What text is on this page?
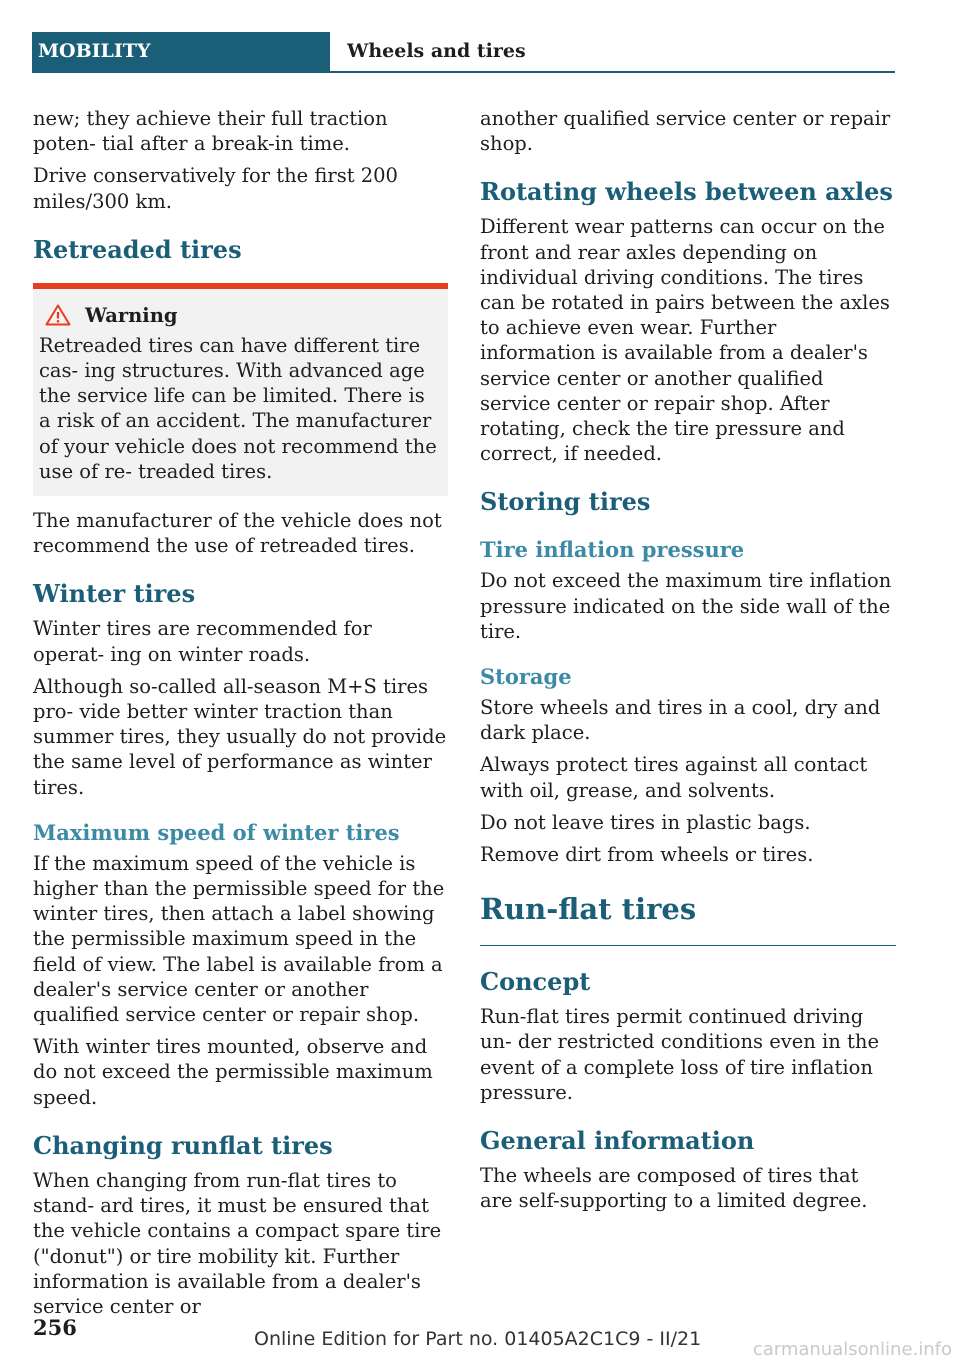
MOBILITY	Wheels and tires

new; they achieve their full traction poten‐ tial after a break-in time.

Drive conservatively for the first 200 miles/300 km.

Retreaded tires
Warning

Retreaded tires can have different tire cas‐ ing structures. With advanced age the service life can be limited. There is a risk of an accident. The manufacturer of your vehicle does not recommend the use of re‐ treaded tires.

The manufacturer of the vehicle does not recommend the use of retreaded tires.

Winter tires

Winter tires are recommended for operat‐ ing on winter roads.

Although so-called all-season M+S tires pro‐ vide better winter traction than summer tires, they usually do not provide the same level of performance as winter tires.

Maximum speed of winter tires

If the maximum speed of the vehicle is higher than the permissible speed for the winter tires, then attach a label showing the permissible maximum speed in the field of view. The label is available from a dealer's service center or another qualified service center or repair shop.

With winter tires mounted, observe and do not exceed the permissible maximum speed.

Changing runflat tires

When changing from run-flat tires to stand‐ ard tires, it must be ensured that the vehicle contains a compact spare tire ("donut") or tire mobility kit. Further information is available from a dealer's service center or

another qualified service center or repair shop.

Rotating wheels between axles

Different wear patterns can occur on the front and rear axles depending on individual driving conditions. The tires can be rotated in pairs between the axles to achieve even wear. Further information is available from a dealer's service center or another qualified service center or repair shop. After rotating, check the tire pressure and correct, if needed.

Storing tires
Tire inflation pressure

Do not exceed the maximum tire inflation pressure indicated on the side wall of the tire.

Storage

Store wheels and tires in a cool, dry and dark place.

Always protect tires against all contact with oil, grease, and solvents.

Do not leave tires in plastic bags.

Remove dirt from wheels or tires.

Run-flat tires
Concept

Run-flat tires permit continued driving un‐ der restricted conditions even in the event of a complete loss of tire inflation pressure.

General information

The wheels are composed of tires that are self-supporting to a limited degree.

256	Online Edition for Part no. 01405A2C1C9 - II/21	carmanualsonline.info
